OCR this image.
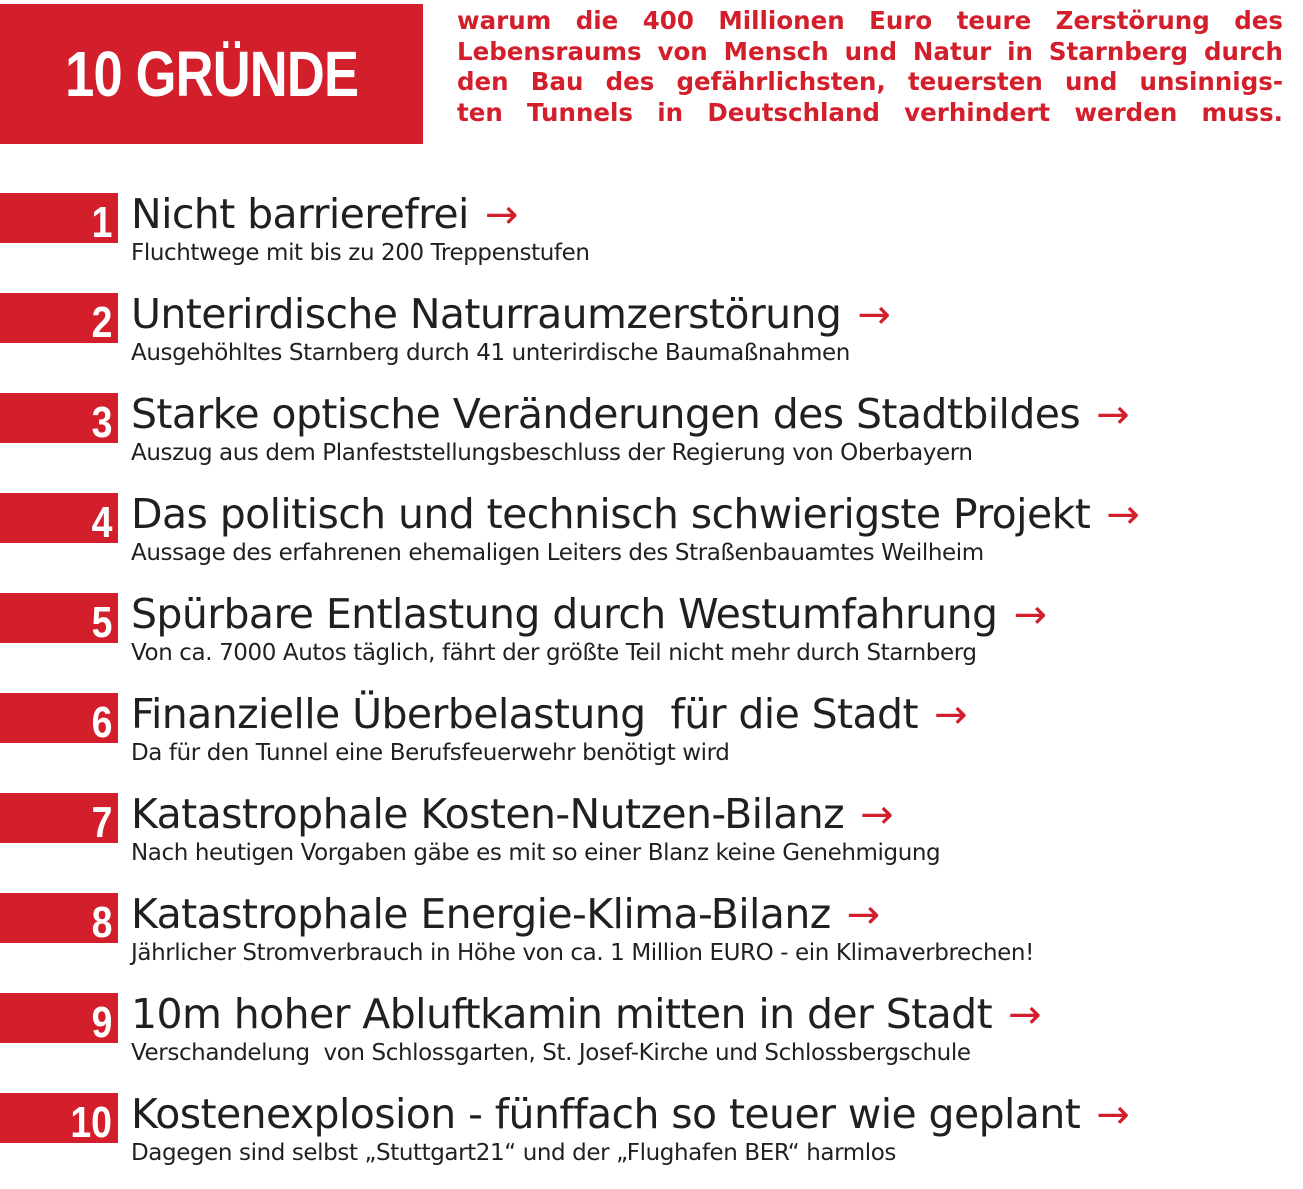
10 GRÜNDE
warum die 400 Millionen Euro teure Zerstörung des
Lebensraums von Mensch und Natur in Starnberg durch
den Bau des gefährlichsten, teuersten und unsinnigs-
ten Tunnels in Deutschland verhindert werden muss.
1 Nicht barrierefrei →
Fluchtwege mit bis zu 200 Treppenstufen
2 Unterirdische Naturraumzerstörung →
Ausgehöhltes Starnberg durch 41 unterirdische Baumaßnahmen
3 Starke optische Veränderungen des Stadtbildes →
Auszug aus dem Planfeststellungsbeschluss der Regierung von Oberbayern
4 Das politisch und technisch schwierigste Projekt →
Aussage des erfahrenen ehemaligen Leiters des Straßenbauamtes Weilheim
5 Spürbare Entlastung durch Westumfahrung →
Von ca. 7000 Autos täglich, fährt der größte Teil nicht mehr durch Starnberg
6 Finanzielle Überbelastung  für die Stadt →
Da für den Tunnel eine Berufsfeuerwehr benötigt wird
7 Katastrophale Kosten-Nutzen-Bilanz →
Nach heutigen Vorgaben gäbe es mit so einer Blanz keine Genehmigung
8 Katastrophale Energie-Klima-Bilanz →
Jährlicher Stromverbrauch in Höhe von ca. 1 Million EURO - ein Klimaverbrechen!
9 10m hoher Abluftkamin mitten in der Stadt →
Verschandelung  von Schlossgarten, St. Josef-Kirche und Schlossbergschule
10 Kostenexplosion - fünffach so teuer wie geplant →
Dagegen sind selbst „Stuttgart21“ und der „Flughafen BER“ harmlos
